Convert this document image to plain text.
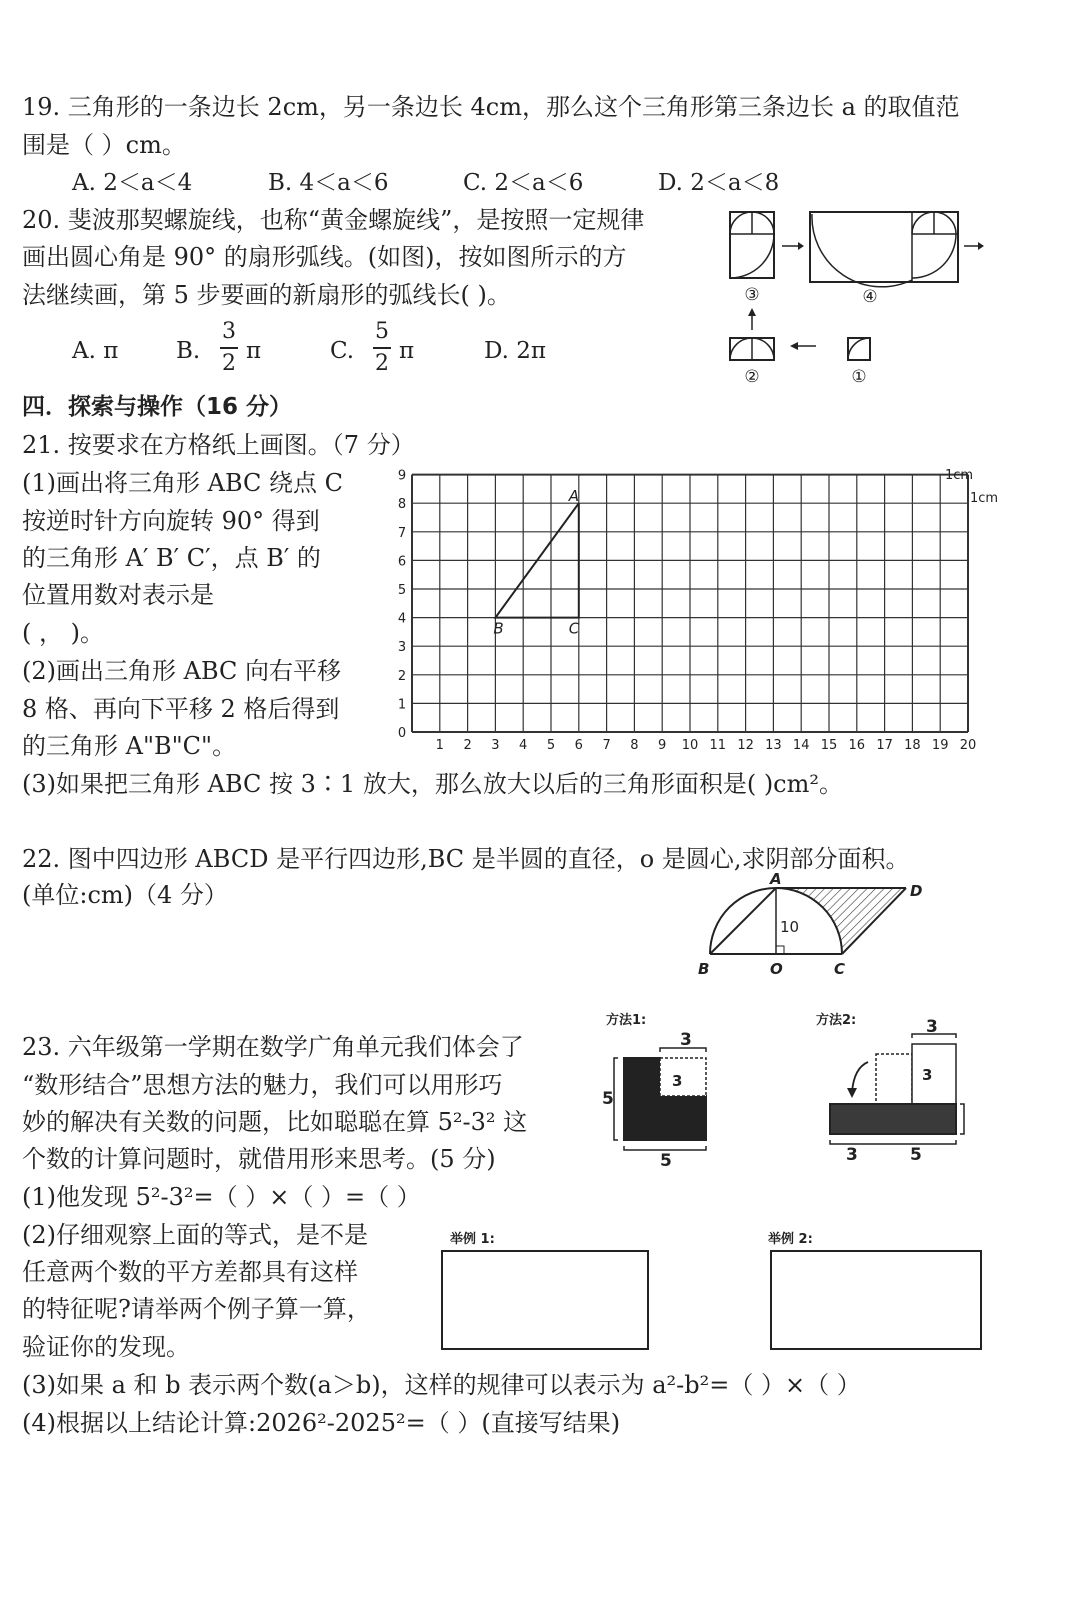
19. 三角形的一条边长 2cm，另一条边长 4cm，那么这个三角形第三条边长 a 的取值范
围是（ ）cm。
A. 2＜a＜4	B. 4＜a＜6	C. 2＜a＜6	D. 2＜a＜8
20. 斐波那契螺旋线，也称“黄金螺旋线”，是按照一定规律
画出圆心角是 90° 的扇形弧线。(如图)，按如图所示的方
法继续画，第 5 步要画的新扇形的弧线长( )。
A. π	B.
3
2 π	C.
5
2 π	D. 2π
③	④
②	①
四．探索与操作（16 分）
21. 按要求在方格纸上画图。（7 分）
(1)画出将三角形 ABC 绕点 C
按逆时针方向旋转 90° 得到
的三角形 A′ B′ C′，点 B′ 的
位置用数对表示是
( ， )。
(2)画出三角形 ABC 向右平移
8 格、再向下平移 2 格后得到
的三角形 A"B"C"。
(3)如果把三角形 ABC 按 3∶1 放大，那么放大以后的三角形面积是( )cm²。
1 2 3 4 5 6 7 8 9 10 11 12 13 14 15 16 17 18 19 20
1
2
3
4
5
6
7
8
9
0
1cm
1cm
A
B	C
22. 图中四边形 ABCD 是平行四边形,BC 是半圆的直径，o 是圆心,求阴部分面积。
(单位:cm)（4 分）
A
D
B	O	C
10
23. 六年级第一学期在数学广角单元我们体会了
“数形结合”思想方法的魅力，我们可以用形巧
妙的解决有关数的问题，比如聪聪在算 5²-3² 这
个数的计算问题时，就借用形来思考。(5 分)
(1)他发现 5²-3²=（ ）×（ ）=（ ）
(2)仔细观察上面的等式，是不是
任意两个数的平方差都具有这样
的特征呢?请举两个例子算一算，
验证你的发现。
(3)如果 a 和 b 表示两个数(a＞b)，这样的规律可以表示为 a²-b²=（ ）×（ ）
(4)根据以上结论计算:2026²-2025²=（ ）(直接写结果)
方法1:
3
5
3
5
方法2:	3
3
3	5
举例 1:	举例 2:
